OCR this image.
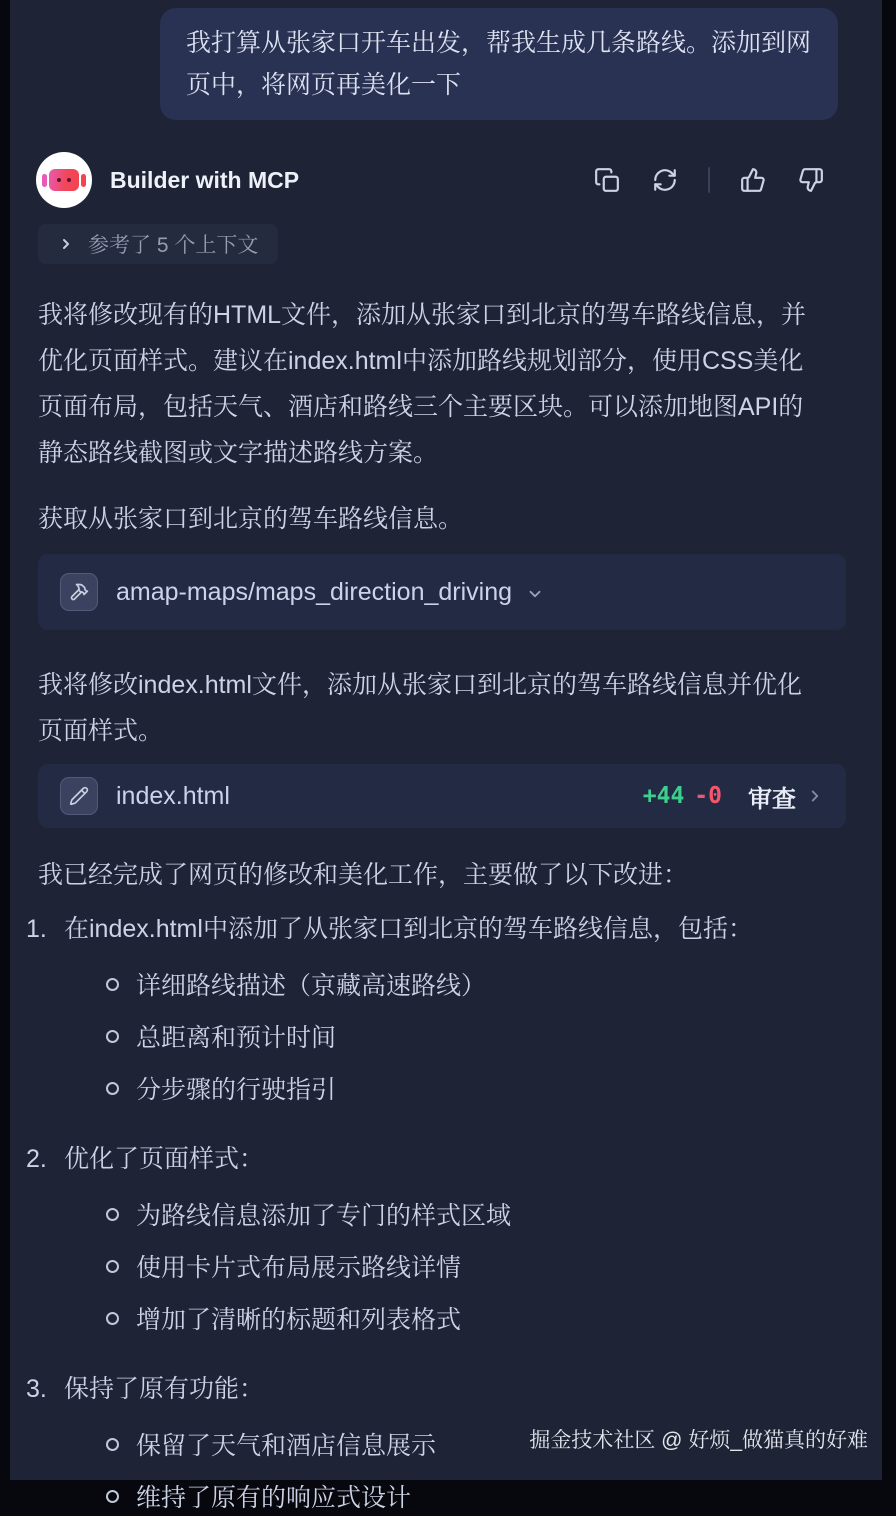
我打算从张家口开车出发，帮我生成几条路线。添加到网页中，将网页再美化一下
Builder with MCP
参考了 5 个上下文
我将修改现有的HTML文件，添加从张家口到北京的驾车路线信息，并优化页面样式。建议在index.html中添加路线规划部分，使用CSS美化页面布局，包括天气、酒店和路线三个主要区块。可以添加地图API的静态路线截图或文字描述路线方案。
获取从张家口到北京的驾车路线信息。
amap-maps/maps_direction_driving
我将修改index.html文件，添加从张家口到北京的驾车路线信息并优化页面样式。
index.html	+44 -0 审查
我已经完成了网页的修改和美化工作，主要做了以下改进：
1. 在index.html中添加了从张家口到北京的驾车路线信息，包括：
详细路线描述（京藏高速路线）
总距离和预计时间
分步骤的行驶指引
2. 优化了页面样式：
为路线信息添加了专门的样式区域
使用卡片式布局展示路线详情
增加了清晰的标题和列表格式
3. 保持了原有功能：
保留了天气和酒店信息展示
维持了原有的响应式设计
掘金技术社区 @ 好烦_做猫真的好难
